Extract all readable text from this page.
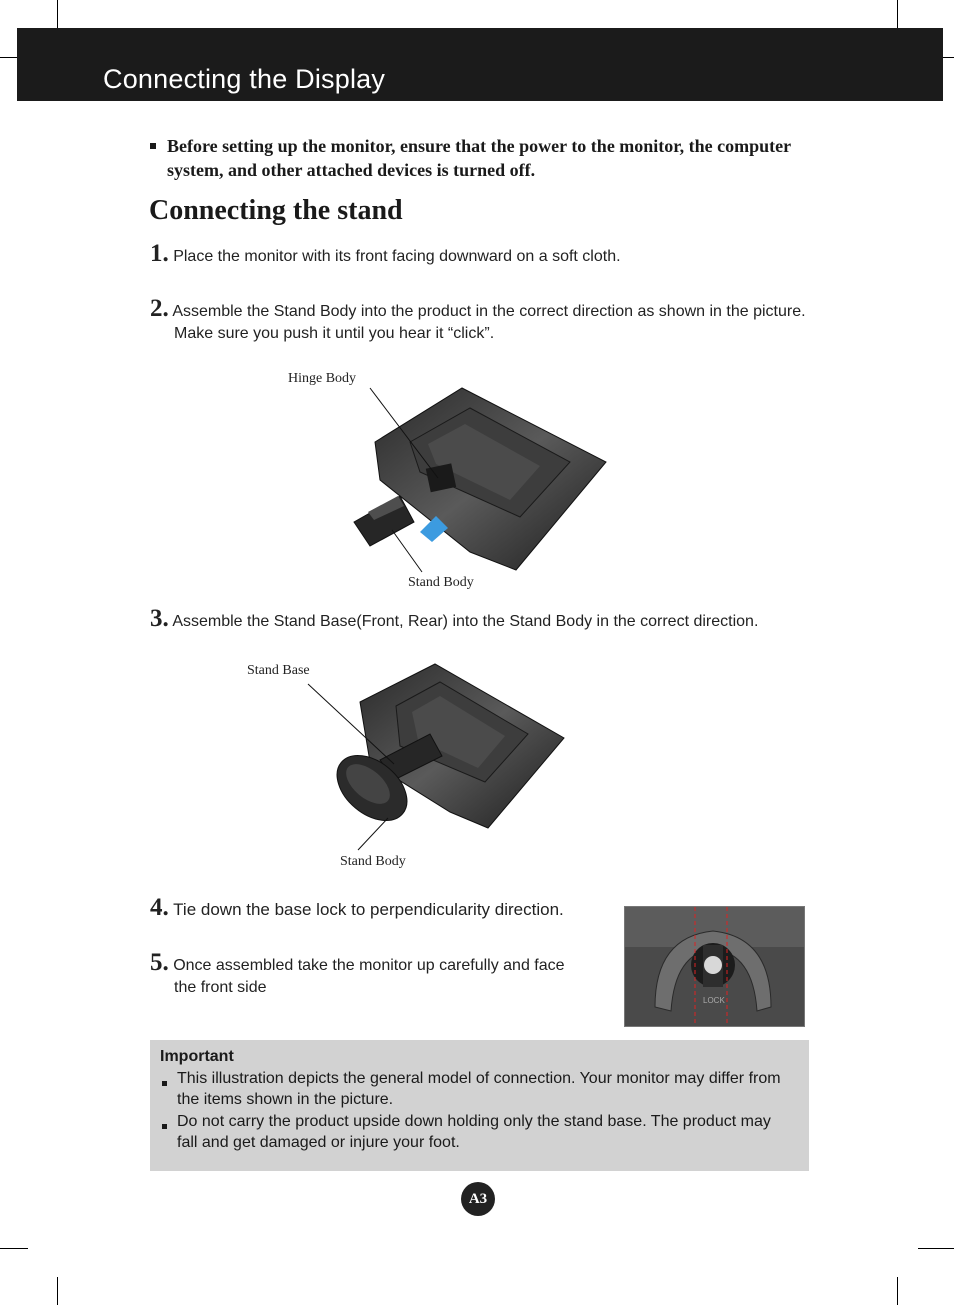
Connecting the Display
Before setting up the monitor, ensure that the power to the monitor, the computer system, and other attached devices is turned off.
Connecting the stand
1. Place the monitor with its front facing downward on a soft cloth.
2. Assemble the Stand Body into the product in the correct direction as shown in the picture.
Make sure you push it until you hear it “click”.
Hinge Body
Stand Body
3. Assemble the Stand Base(Front, Rear) into the Stand Body in the correct direction.
Stand Base
Stand Body
4. Tie down the base lock to perpendicularity direction.
5. Once assembled take the monitor up carefully and face
the front side
LOCK
Important
This illustration depicts the general model of connection. Your monitor may differ from
the items shown in the picture.
Do not carry the product upside down holding only the stand base. The product may
fall and get damaged or injure your foot.
A3
